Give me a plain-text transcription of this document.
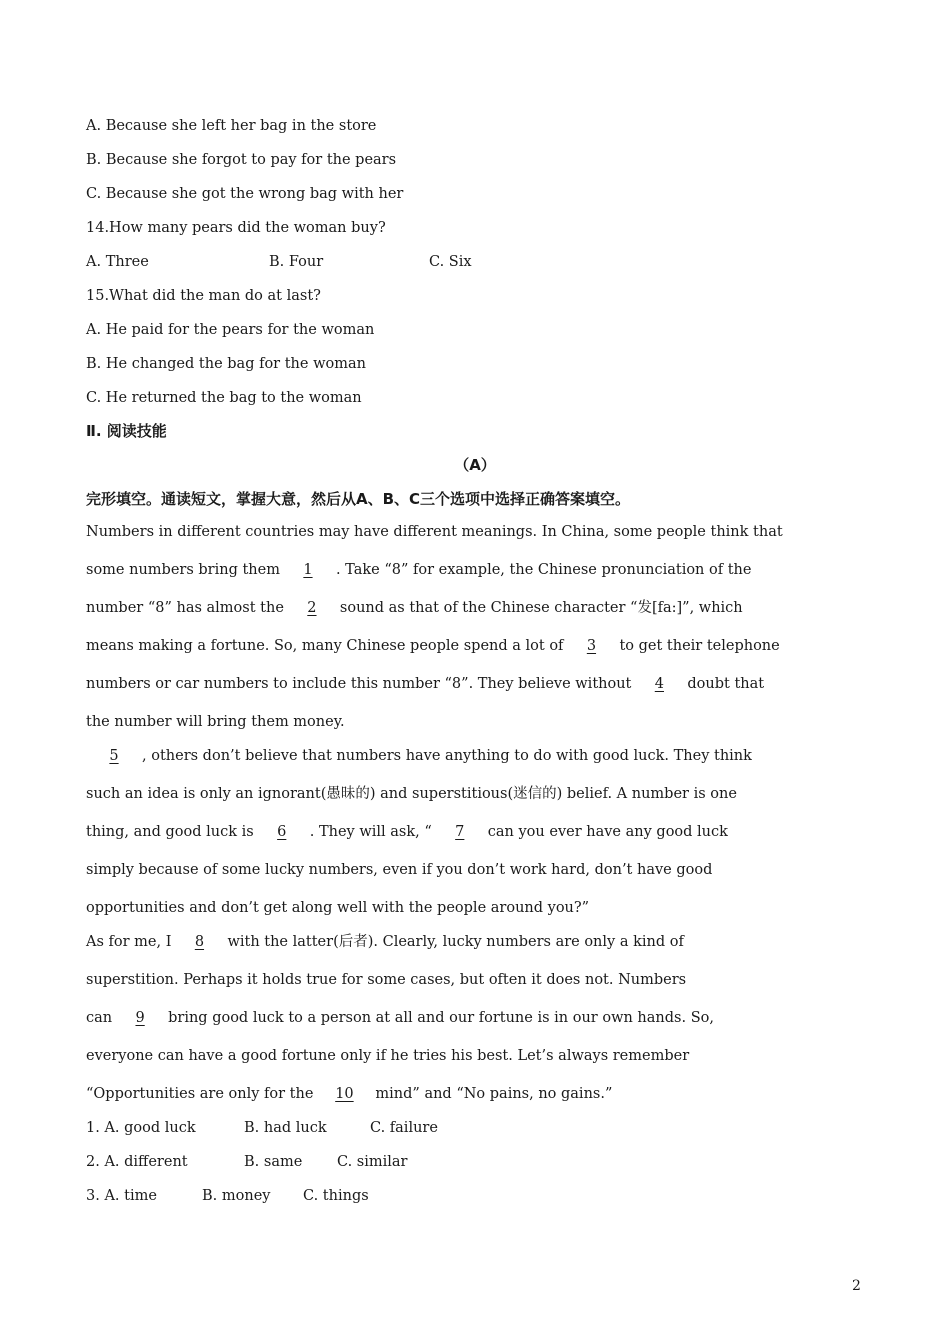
A. Because she left her bag in the store
B. Because she forgot to pay for the pears
C. Because she got the wrong bag with her
14.How many pears did the woman buy?
A. Three	B. Four	C. Six
15.What did the man do at last?
A. He paid for the pears for the woman
B. He changed the bag for the woman
C. He returned the bag to the woman
Ⅱ. 阅读技能
（A）
完形填空。通读短文，掌握大意，然后从A、B、C三个选项中选择正确答案填空。
Numbers in different countries may have different meanings. In China, some people think that
some numbers bring them 1 . Take “8” for example, the Chinese pronunciation of the
number “8” has almost the 2 sound as that of the Chinese character “发[fa:]”, which
means making a fortune. So, many Chinese people spend a lot of 3 to get their telephone
numbers or car numbers to include this number “8”. They believe without 4 doubt that
the number will bring them money.
5 , others don’t believe that numbers have anything to do with good luck. They think
such an idea is only an ignorant(愚昧的) and superstitious(迷信的) belief. A number is one
thing, and good luck is 6 . They will ask, “ 7 can you ever have any good luck
simply because of some lucky numbers, even if you don’t work hard, don’t have good
opportunities and don’t get along well with the people around you?”
As for me, I 8 with the latter(后者). Clearly, lucky numbers are only a kind of
superstition. Perhaps it holds true for some cases, but often it does not. Numbers
can 9 bring good luck to a person at all and our fortune is in our own hands. So,
everyone can have a good fortune only if he tries his best. Let’s always remember
“Opportunities are only for the 10 mind” and “No pains, no gains.”
1. A. good luck	B. had luck	C. failure
2. A. different	B. same C. similar
3. A. time	B. money C. things
2
